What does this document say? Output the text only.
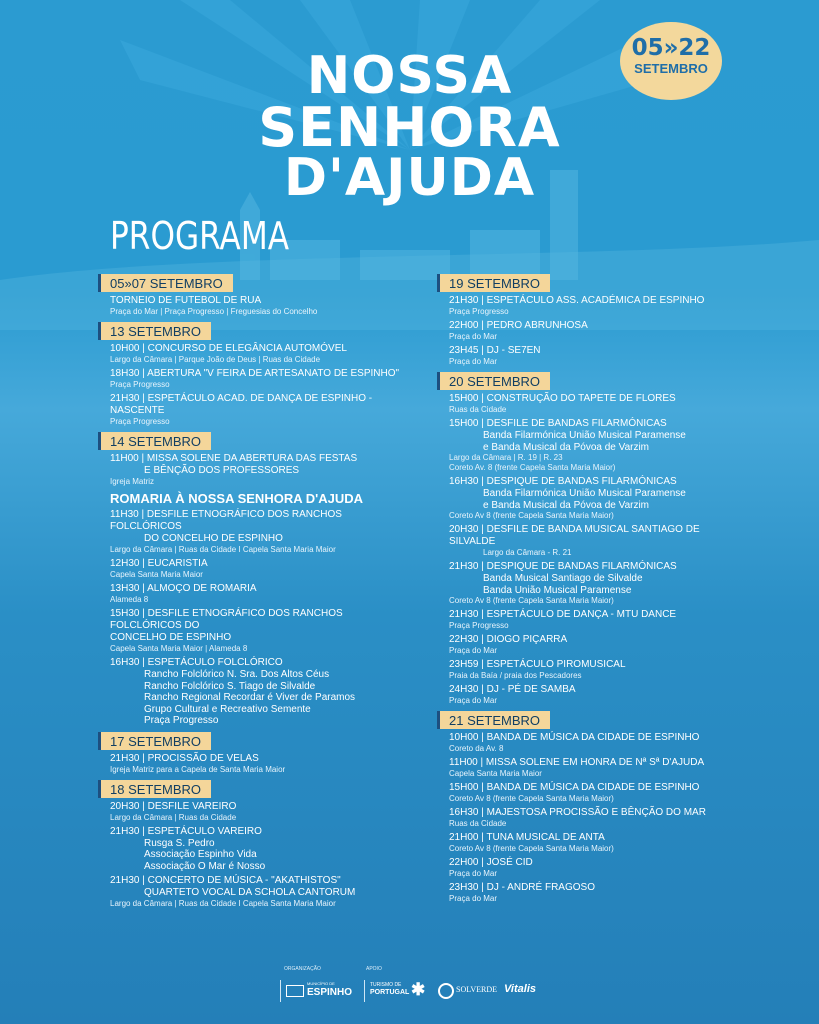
NOSSA
SENHORA
D'AJUDA
05»22
SETEMBRO
PROGRAMA
05»07 SETEMBRO
TORNEIO DE FUTEBOL DE RUA
Praça do Mar | Praça Progresso | Freguesias do Concelho
13 SETEMBRO
10H00 | CONCURSO DE ELEGÂNCIA AUTOMÓVEL
Largo da Câmara | Parque João de Deus | Ruas da Cidade
18H30 | ABERTURA "V FEIRA DE ARTESANATO DE ESPINHO"
Praça Progresso
21H30 | ESPETÁCULO ACAD. DE DANÇA DE ESPINHO - NASCENTE
Praça Progresso
14 SETEMBRO
11H00 | MISSA SOLENE DA ABERTURA DAS FESTAS
E BÊNÇÃO DOS PROFESSORES
Igreja Matriz
ROMARIA À NOSSA SENHORA D'AJUDA
11H30 | DESFILE ETNOGRÁFICO DOS RANCHOS FOLCLÓRICOS
DO CONCELHO DE ESPINHO
Largo da Câmara | Ruas da Cidade I Capela Santa Maria Maior
12H30 | EUCARISTIA
Capela Santa Maria Maior
13H30 | ALMOÇO DE ROMARIA
Alameda 8
15H30 | DESFILE ETNOGRÁFICO DOS RANCHOS FOLCLÓRICOS DO
CONCELHO DE ESPINHO
Capela Santa Maria Maior | Alameda 8
16H30 | ESPETÁCULO FOLCLÓRICO
Rancho Folclórico N. Sra. Dos Altos Céus
Rancho Folclórico S. Tiago de Silvalde
Rancho Regional Recordar é Viver de Paramos
Grupo Cultural e Recreativo Semente
Praça Progresso
17 SETEMBRO
21H30 | PROCISSÃO DE VELAS
Igreja Matriz para a Capela de Santa Maria Maior
18 SETEMBRO
20H30 | DESFILE VAREIRO
Largo da Câmara | Ruas da Cidade
21H30 | ESPETÁCULO VAREIRO
Rusga S. Pedro
Associação Espinho Vida
Associação O Mar é Nosso
21H30 | CONCERTO DE MÚSICA - "AKATHISTOS"
QUARTETO VOCAL DA SCHOLA CANTORUM
Largo da Câmara | Ruas da Cidade I Capela Santa Maria Maior
19 SETEMBRO
21H30 | ESPETÁCULO ASS. ACADÉMICA DE ESPINHO
Praça Progresso
22H00 | PEDRO ABRUNHOSA
Praça do Mar
23H45 | DJ - SE7EN
Praça do Mar
20 SETEMBRO
15H00 | CONSTRUÇÃO DO TAPETE DE FLORES
Ruas da Cidade
15H00 | DESFILE DE BANDAS FILARMÓNICAS
Banda Filarmónica União Musical Paramense
e Banda Musical da Póvoa de Varzim
Largo da Câmara | R. 19 | R. 23
Coreto Av. 8 (frente Capela Santa Maria Maior)
16H30 | DESPIQUE DE BANDAS FILARMÓNICAS
Banda Filarmónica União Musical Paramense
e Banda Musical da Póvoa de Varzim
Coreto Av 8 (frente Capela Santa Maria Maior)
20H30 | DESFILE DE BANDA MUSICAL SANTIAGO DE SILVALDE
Largo da Câmara - R. 21
21H30 | DESPIQUE DE BANDAS FILARMÓNICAS
Banda Musical Santiago de Silvalde
Banda União Musical Paramense
Coreto Av 8 (frente Capela Santa Maria Maior)
21H30 | ESPETÁCULO DE DANÇA - MTU DANCE
Praça Progresso
22H30 | DIOGO PIÇARRA
Praça do Mar
23H59 | ESPETÁCULO PIROMUSICAL
Praia da Baía / praia dos Pescadores
24H30 | DJ - PÉ DE SAMBA
Praça do Mar
21 SETEMBRO
10H00 | BANDA DE MÚSICA DA CIDADE DE ESPINHO
Coreto da Av. 8
11H00 | MISSA SOLENE EM HONRA DE Nª Sª D'AJUDA
Capela Santa Maria Maior
15H00 | BANDA DE MÚSICA DA CIDADE DE ESPINHO
Coreto Av 8 (frente Capela Santa Maria Maior)
16H30 | MAJESTOSA PROCISSÃO E BÊNÇÃO DO MAR
Ruas da Cidade
21H00 | TUNA MUSICAL DE ANTA
Coreto Av 8 (frente Capela Santa Maria Maior)
22H00 | JOSÉ CID
Praça do Mar
23H30 | DJ - ANDRÉ FRAGOSO
Praça do Mar
ORGANIZAÇÃO	APOIO
MUNICÍPIO DE
ESPINHO
TURISMO DE
PORTUGAL ✱	SOLVERDE Vitalis
